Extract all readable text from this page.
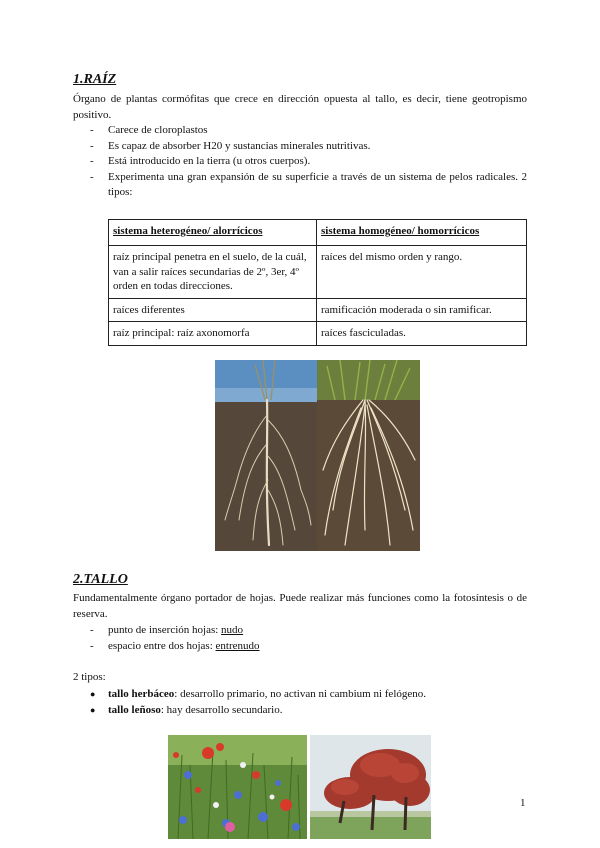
1.RAÍZ

Órgano de plantas cormófitas que crece en dirección opuesta al tallo, es decir, tiene geotropismo positivo.

- Carece de cloroplastos
- Es capaz de absorber H20 y sustancias minerales nutritivas.
- Está introducido en la tierra (u otros cuerpos).
- Experimenta una gran expansión de su superficie a través de un sistema de pelos radicales. 2 tipos:
sistema heterogéneo/ alorrícicos	sistema homogéneo/ homorrícicos
raíz principal penetra en el suelo, de la cuál, van a salir raíces secundarias de 2º, 3er, 4º orden en todas direcciones.	raíces del mismo orden y rango.
raíces diferentes	ramificación moderada o sin ramificar.
raíz principal: raíz axonomorfa	raíces fasciculadas.
2.TALLO

Fundamentalmente órgano portador de hojas. Puede realizar más funciones como la fotosíntesis o de reserva.

- punto de inserción hojas: nudo
- espacio entre dos hojas: entrenudo

2 tipos:

● tallo herbáceo: desarrollo primario, no activan ni cambium ni felógeno.
● tallo leñoso: hay desarrollo secundario.
1
